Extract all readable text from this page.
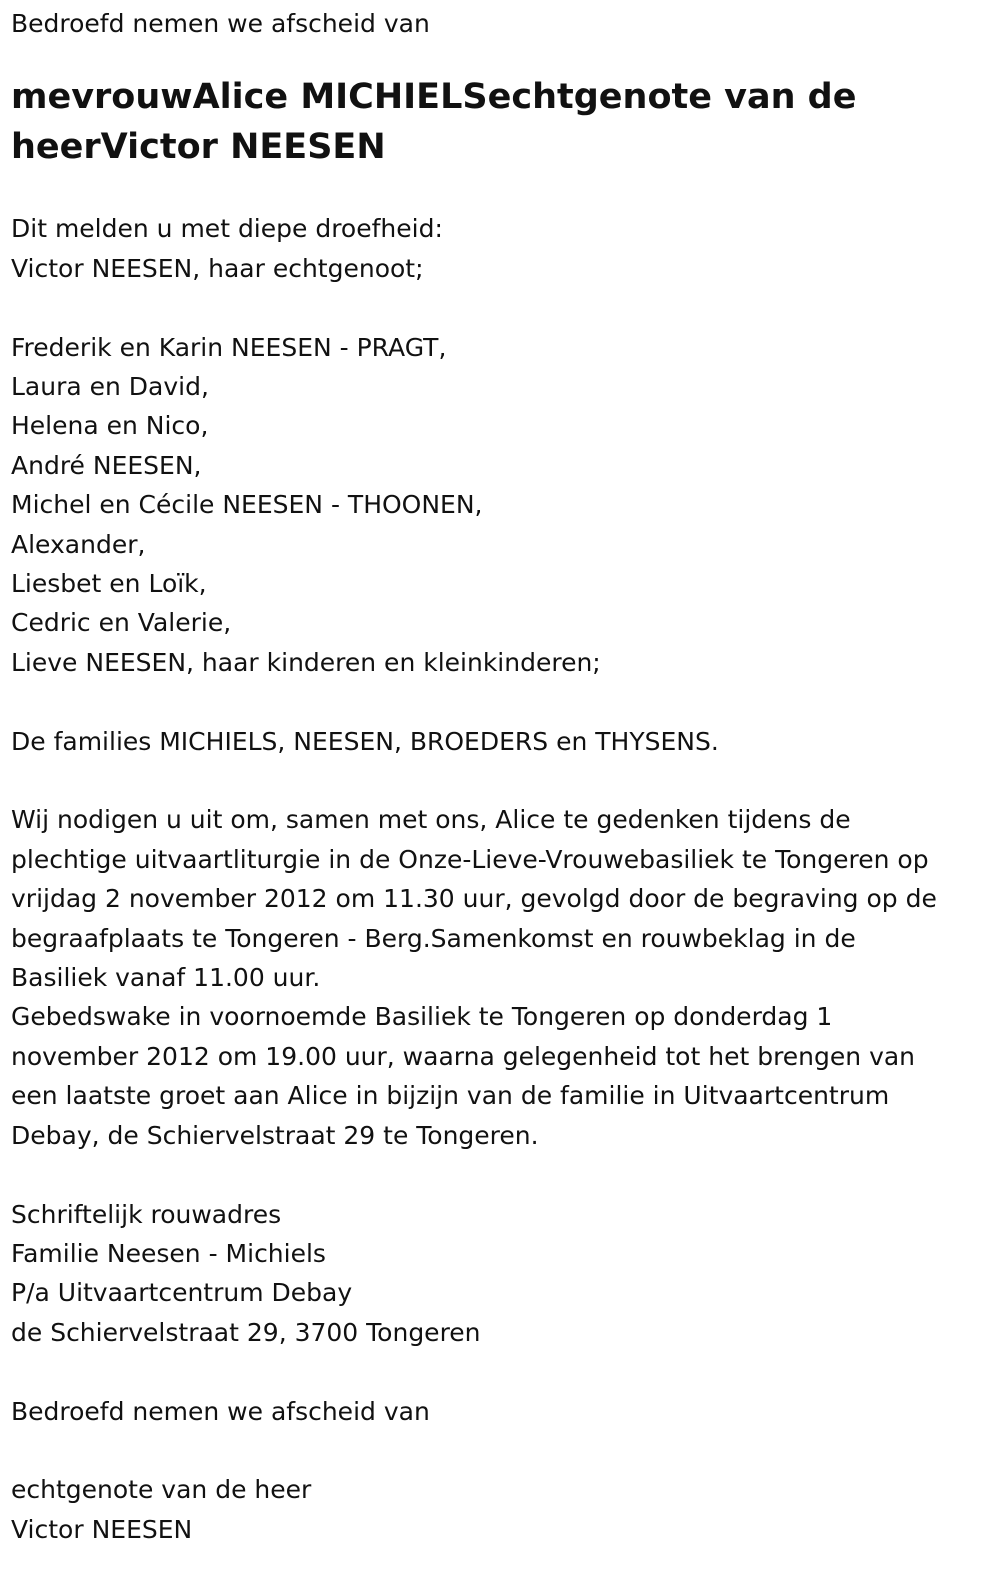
Bedroefd nemen we afscheid van
mevrouwAlice MICHIELSechtgenote van de
heerVictor NEESEN
Dit melden u met diepe droefheid:
Victor NEESEN, haar echtgenoot;
Frederik en Karin NEESEN - PRAGT,
Laura en David,
Helena en Nico,
André NEESEN,
Michel en Cécile NEESEN - THOONEN,
Alexander,
Liesbet en Loïk,
Cedric en Valerie,
Lieve NEESEN, haar kinderen en kleinkinderen;
De families MICHIELS, NEESEN, BROEDERS en THYSENS.
Wij nodigen u uit om, samen met ons, Alice te gedenken tijdens de
plechtige uitvaartliturgie in de Onze-Lieve-Vrouwebasiliek te Tongeren op
vrijdag 2 november 2012 om 11.30 uur, gevolgd door de begraving op de
begraafplaats te Tongeren - Berg.Samenkomst en rouwbeklag in de
Basiliek vanaf 11.00 uur.
Gebedswake in voornoemde Basiliek te Tongeren op donderdag 1
november 2012 om 19.00 uur, waarna gelegenheid tot het brengen van
een laatste groet aan Alice in bijzijn van de familie in Uitvaartcentrum
Debay, de Schiervelstraat 29 te Tongeren.
Schriftelijk rouwadres
Familie Neesen - Michiels
P/a Uitvaartcentrum Debay
de Schiervelstraat 29, 3700 Tongeren
Bedroefd nemen we afscheid van
echtgenote van de heer
Victor NEESEN
